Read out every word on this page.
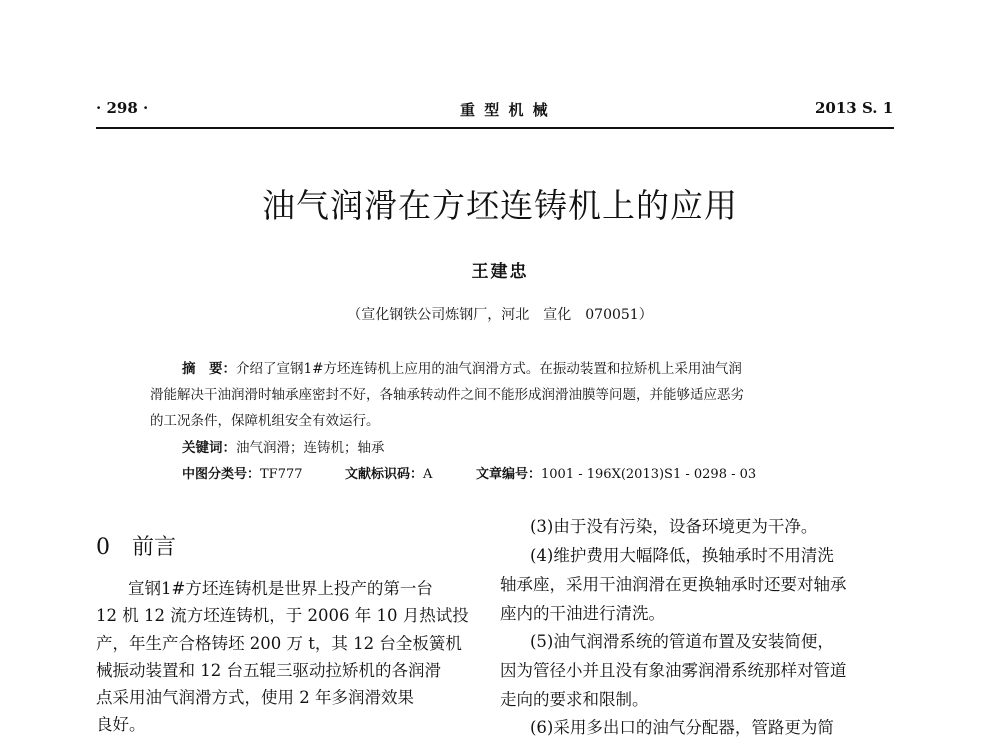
· 298 ·	重 型 机 械	2013 S. 1
油气润滑在方坯连铸机上的应用
王建忠
（宣化钢铁公司炼钢厂，河北　宣化　070051）
摘　要：介绍了宣钢1#方坯连铸机上应用的油气润滑方式。在振动装置和拉矫机上采用油气润
滑能解决干油润滑时轴承座密封不好，各轴承转动件之间不能形成润滑油膜等问题，并能够适应恶劣
的工况条件，保障机组安全有效运行。
关键词：油气润滑；连铸机；轴承
中图分类号：TF777	文献标识码：A	文章编号：1001 - 196X(2013)S1 - 0298 - 03
0 前言
宣钢1#方坯连铸机是世界上投产的第一台
12 机 12 流方坯连铸机，于 2006 年 10 月热试投
产，年生产合格铸坯 200 万 t，其 12 台全板簧机
械振动装置和 12 台五辊三驱动拉矫机的各润滑
点采用油气润滑方式，使用 2 年多润滑效果
良好。
(3)由于没有污染，设备环境更为干净。
(4)维护费用大幅降低，换轴承时不用清洗
轴承座，采用干油润滑在更换轴承时还要对轴承
座内的干油进行清洗。
(5)油气润滑系统的管道布置及安装简便，
因为管径小并且没有象油雾润滑系统那样对管道
走向的要求和限制。
(6)采用多出口的油气分配器，管路更为简
